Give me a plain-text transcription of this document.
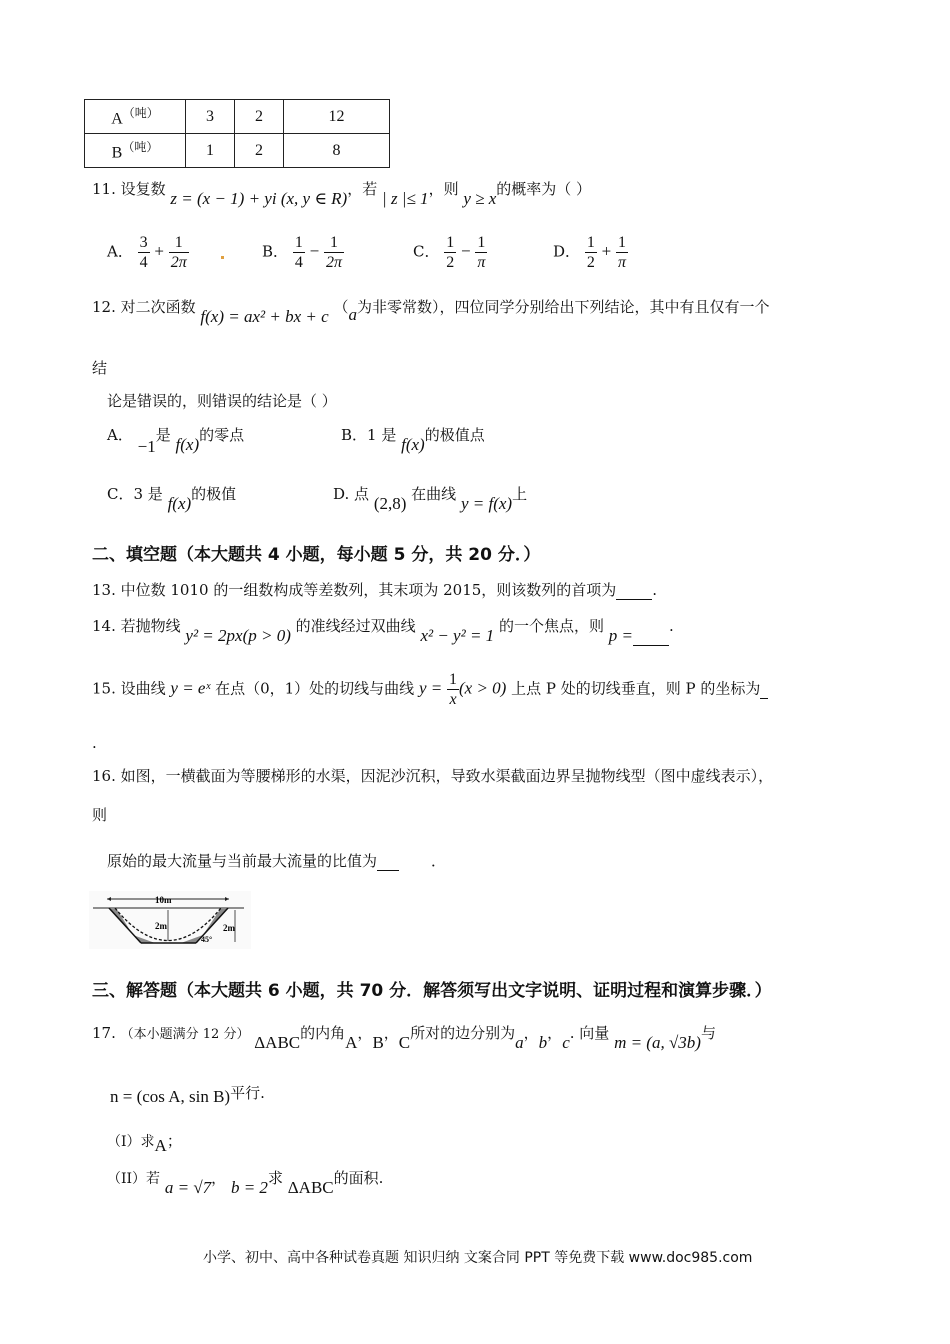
$A^{(吨)}$	3	2	12
$B^{(吨)}$	1	2	8
11. 设复数 z = (x − 1) + yi (x, y ∈ R)，若 | z |≤ 1，则 y ≥ x的概率为（ ）
A． $\frac{3}{4} + \frac{1}{2\pi}$	B． $\frac{1}{4} - \frac{1}{2\pi}$	C． $\frac{1}{2} - \frac{1}{\pi}$	D． $\frac{1}{2} + \frac{1}{\pi}$
12. 对二次函数 f(x) = ax² + bx + c （a为非零常数），四位同学分别给出下列结论，其中有且仅有一个
结
论是错误的，则错误的结论是（ ）
A． −1是 f(x)的零点	B．1 是 f(x)的极值点
C．3 是 f(x)的极值	D. 点 (2,8) 在曲线 y = f(x)上
二、填空题（本大题共 4 小题，每小题 5 分，共 20 分．）
13. 中位数 1010 的一组数构成等差数列，其末项为 2015，则该数列的首项为 .
14. 若抛物线 y² = 2px(p > 0) 的准线经过双曲线 x² − y² = 1 的一个焦点，则 p = .
15. 设曲线 y = eˣ 在点（0，1）处的切线与曲线 $y = \frac{1}{x} (x > 0)$ 上点 P 处的切线垂直，则 P 的坐标为
.
16. 如图，一横截面为等腰梯形的水渠，因泥沙沉积，导致水渠截面边界呈抛物线型（图中虚线表示），
则
原始的最大流量与当前最大流量的比值为	．
10m
2m	2m
45°
三、解答题（本大题共 6 小题，共 70 分．解答须写出文字说明、证明过程和演算步骤．）
17. （本小题满分 12 分） ΔABC的内角A，B，C所对的边分别为a，b，c. 向量 m = (a, √3b)与
n = (cos A, sin B)平行.
（I）求A；
（II）若 a = √7， b = 2求 ΔABC的面积.
小学、初中、高中各种试卷真题 知识归纳 文案合同 PPT 等免费下载 www.doc985.com
